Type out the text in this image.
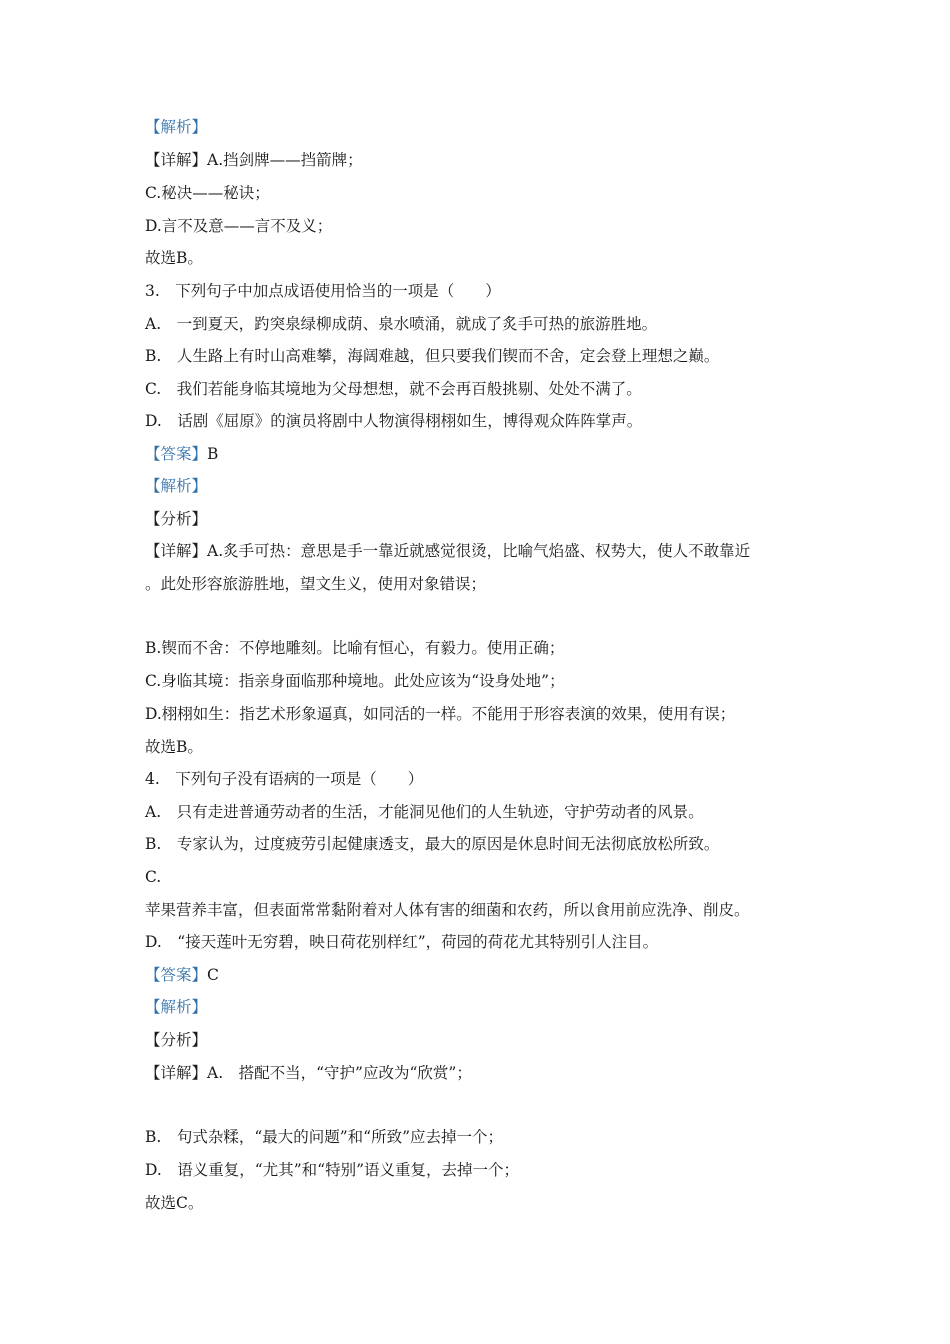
【解析】
【详解】A.挡剑牌——挡箭牌；
C.秘决——秘诀；
D.言不及意——言不及义；
故选B。
3.　下列句子中加点成语使用恰当的一项是（　　）
A.　一到夏天，趵突泉绿柳成荫、泉水喷涌，就成了炙手可热的旅游胜地。
B.　人生路上有时山高难攀，海阔难越，但只要我们锲而不舍，定会登上理想之巅。
C.　我们若能身临其境地为父母想想，就不会再百般挑剔、处处不满了。
D.　话剧《屈原》的演员将剧中人物演得栩栩如生，博得观众阵阵掌声。
【答案】B
【解析】
【分析】
【详解】A.炙手可热：意思是手一靠近就感觉很烫，比喻气焰盛、权势大，使人不敢靠近
。此处形容旅游胜地，望文生义，使用对象错误；
B.锲而不舍：不停地雕刻。比喻有恒心，有毅力。使用正确；
C.身临其境：指亲身面临那种境地。此处应该为“设身处地”；
D.栩栩如生：指艺术形象逼真，如同活的一样。不能用于形容表演的效果，使用有误；
故选B。
4.　下列句子没有语病的一项是（　　）
A.　只有走进普通劳动者的生活，才能洞见他们的人生轨迹，守护劳动者的风景。
B.　专家认为，过度疲劳引起健康透支，最大的原因是休息时间无法彻底放松所致。
C.
苹果营养丰富，但表面常常黏附着对人体有害的细菌和农药，所以食用前应洗净、削皮。
D.　“接天莲叶无穷碧，映日荷花别样红”，荷园的荷花尤其特别引人注目。
【答案】C
【解析】
【分析】
【详解】A.　搭配不当，“守护”应改为“欣赏”；
B.　句式杂糅，“最大的问题”和“所致”应去掉一个；
D.　语义重复，“尤其”和“特别”语义重复，去掉一个；
故选C。
